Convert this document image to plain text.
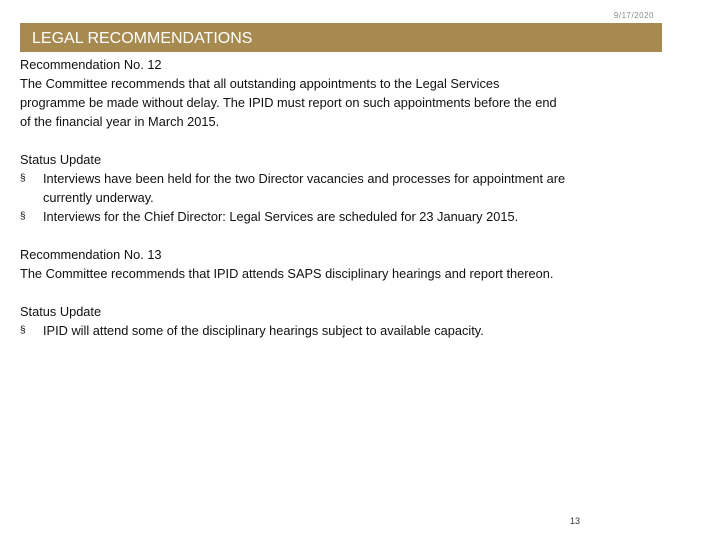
9/17/2020
LEGAL RECOMMENDATIONS
Recommendation No. 12
The Committee recommends that all outstanding appointments to the Legal Services
programme be made without delay. The IPID must report on such appointments before the end
of the financial year in March 2015.
Status Update
§	Interviews have been held for the two Director vacancies and processes for appointment are
currently underway.
§	Interviews for the Chief Director: Legal Services are scheduled for 23 January 2015.
Recommendation No. 13
The Committee recommends that IPID attends SAPS disciplinary hearings and report thereon.
Status Update
§	IPID will attend some of the disciplinary hearings subject to available capacity.
13
